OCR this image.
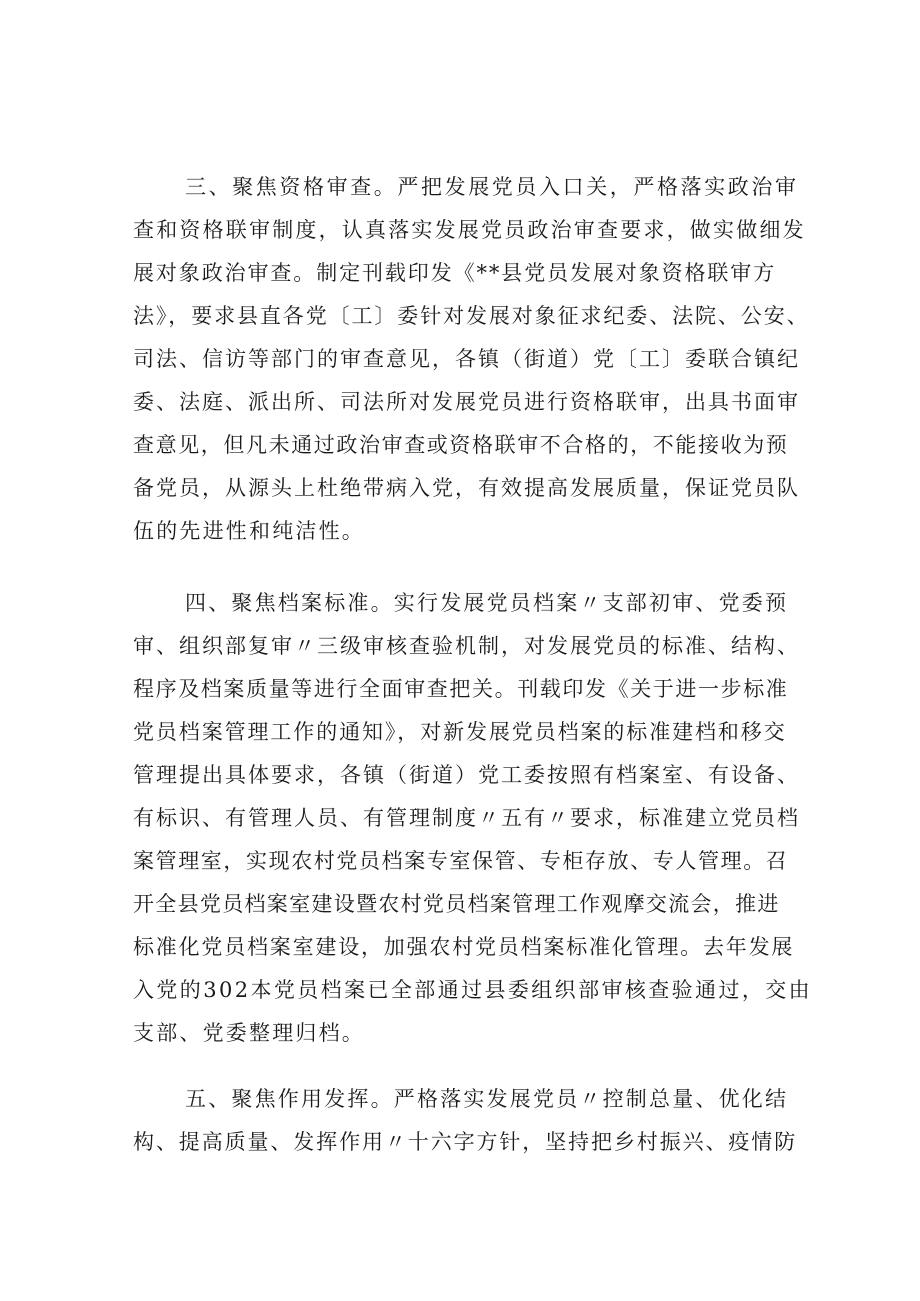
三、聚焦资格审查。严把发展党员入口关，严格落实政治审
查和资格联审制度，认真落实发展党员政治审查要求，做实做细发
展对象政治审查。制定刊载印发《**县党员发展对象资格联审方
法》，要求县直各党〔工〕委针对发展对象征求纪委、法院、公安、
司法、信访等部门的审查意见，各镇（街道）党〔工〕委联合镇纪
委、法庭、派出所、司法所对发展党员进行资格联审，出具书面审
查意见，但凡未通过政治审查或资格联审不合格的，不能接收为预
备党员，从源头上杜绝带病入党，有效提高发展质量，保证党员队
伍的先进性和纯洁性。
四、聚焦档案标准。实行发展党员档案〃支部初审、党委预
审、组织部复审〃三级审核查验机制，对发展党员的标准、结构、
程序及档案质量等进行全面审查把关。刊载印发《关于进一步标准
党员档案管理工作的通知》，对新发展党员档案的标准建档和移交
管理提出具体要求，各镇（街道）党工委按照有档案室、有设备、
有标识、有管理人员、有管理制度〃五有〃要求，标准建立党员档
案管理室，实现农村党员档案专室保管、专柜存放、专人管理。召
开全县党员档案室建设暨农村党员档案管理工作观摩交流会，推进
标准化党员档案室建设，加强农村党员档案标准化管理。去年发展
入党的302本党员档案已全部通过县委组织部审核查验通过，交由
支部、党委整理归档。
五、聚焦作用发挥。严格落实发展党员〃控制总量、优化结
构、提高质量、发挥作用〃十六字方针，坚持把乡村振兴、疫情防
